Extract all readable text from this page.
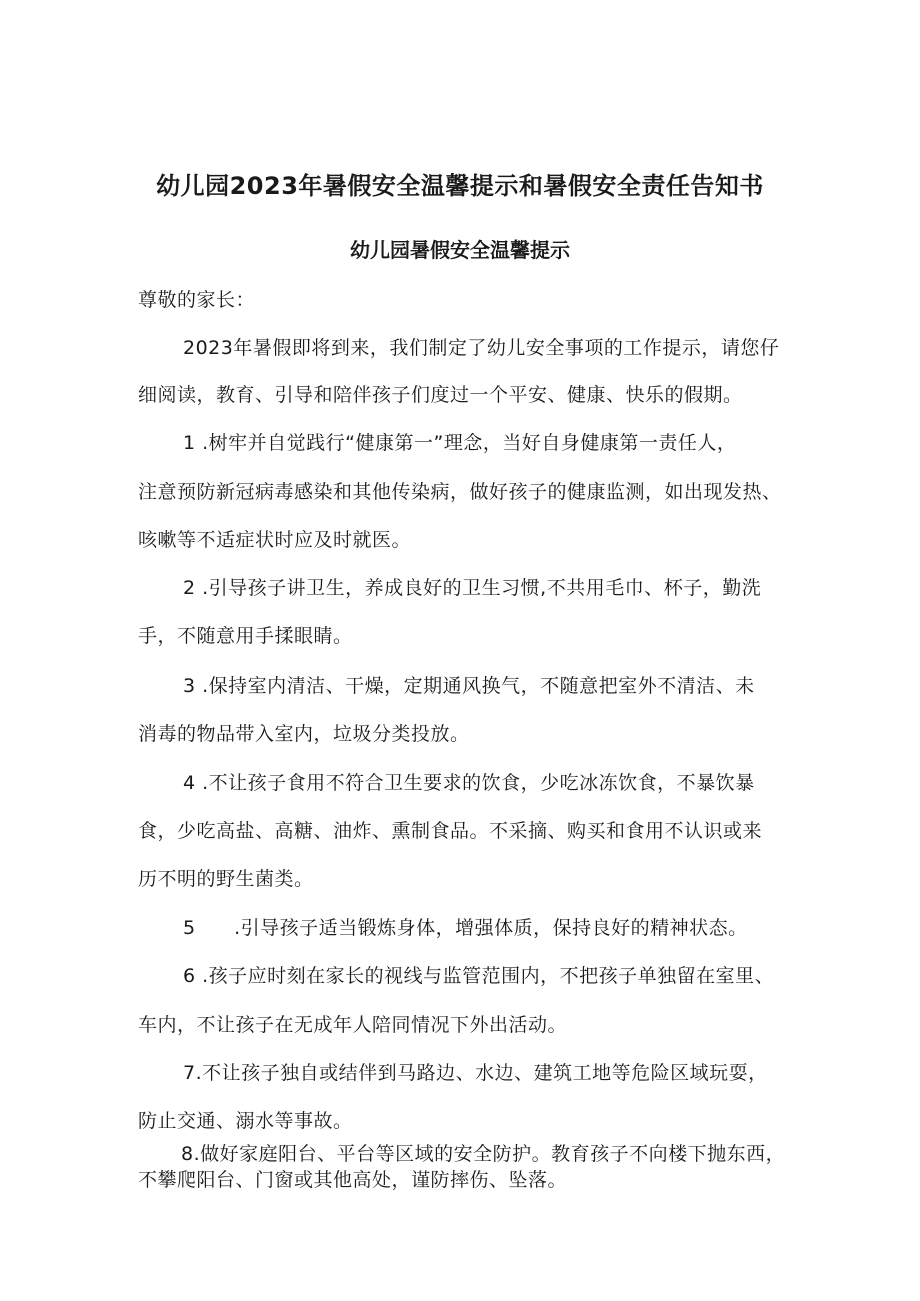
幼儿园2023年暑假安全温馨提示和暑假安全责任告知书
幼儿园暑假安全温馨提示
尊敬的家长：
2023年暑假即将到来，我们制定了幼儿安全事项的工作提示，请您仔
细阅读，教育、引导和陪伴孩子们度过一个平安、健康、快乐的假期。
1 .树牢并自觉践行“健康第一”理念，当好自身健康第一责任人，
注意预防新冠病毒感染和其他传染病，做好孩子的健康监测，如出现发热、
咳嗽等不适症状时应及时就医。
2 .引导孩子讲卫生，养成良好的卫生习惯,不共用毛巾、杯子，勤洗
手，不随意用手揉眼睛。
3 .保持室内清洁、干燥，定期通风换气，不随意把室外不清洁、未
消毒的物品带入室内，垃圾分类投放。
4 .不让孩子食用不符合卫生要求的饮食，少吃冰冻饮食，不暴饮暴
食，少吃高盐、高糖、油炸、熏制食品。不采摘、购买和食用不认识或来
历不明的野生菌类。
5 .引导孩子适当锻炼身体，增强体质，保持良好的精神状态。
6 .孩子应时刻在家长的视线与监管范围内，不把孩子单独留在室里、
车内，不让孩子在无成年人陪同情况下外出活动。
7.不让孩子独自或结伴到马路边、水边、建筑工地等危险区域玩耍，
防止交通、溺水等事故。
8.做好家庭阳台、平台等区域的安全防护。教育孩子不向楼下抛东西，
不攀爬阳台、门窗或其他高处，谨防摔伤、坠落。
